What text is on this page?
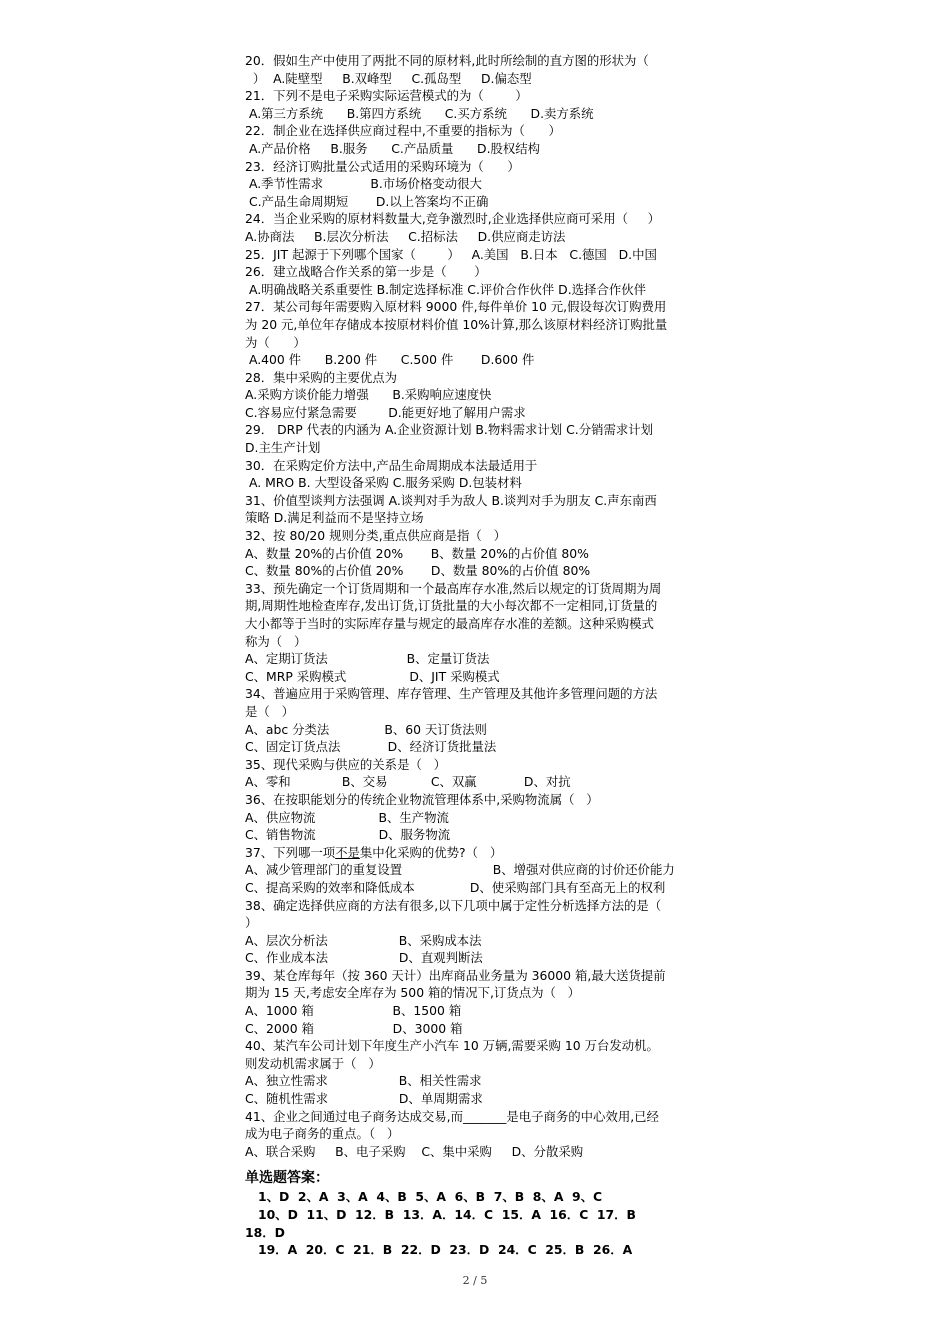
20．假如生产中使用了两批不同的原材料,此时所绘制的直方图的形状为（
）  A.陡壁型     B.双峰型     C.孤岛型     D.偏态型
21．下列不是电子采购实际运营模式的为（        ）
A.第三方系统      B.第四方系统      C.买方系统      D.卖方系统
22．制企业在选择供应商过程中,不重要的指标为（      ）
A.产品价格     B.服务      C.产品质量      D.股权结构
23．经济订购批量公式适用的采购环境为（      ）
A.季节性需求            B.市场价格变动很大
C.产品生命周期短       D.以上答案均不正确
24．当企业采购的原材料数量大,竞争激烈时,企业选择供应商可采用（     ）
A.协商法     B.层次分析法     C.招标法     D.供应商走访法
25．JIT 起源于下列哪个国家（        ）   A.美国   B.日本   C.德国   D.中国
26．建立战略合作关系的第一步是（       ）
A.明确战略关系重要性 B.制定选择标准 C.评价合作伙伴 D.选择合作伙伴
27．某公司每年需要购入原材料 9000 件,每件单价 10 元,假设每次订购费用
为 20 元,单位年存储成本按原材料价值 10%计算,那么该原材料经济订购批量
为（      ）
A.400 件      B.200 件      C.500 件       D.600 件
28．集中采购的主要优点为
A.采购方谈价能力增强      B.采购响应速度快
C.容易应付紧急需要        D.能更好地了解用户需求
29． DRP 代表的内涵为 A.企业资源计划 B.物料需求计划 C.分销需求计划
D.主生产计划
30．在采购定价方法中,产品生命周期成本法最适用于
A. MRO B. 大型设备采购 C.服务采购 D.包装材料
31、价值型谈判方法强调 A.谈判对手为敌人 B.谈判对手为朋友 C.声东南西
策略 D.满足利益而不是坚持立场
32、按 80/20 规则分类,重点供应商是指（   ）
A、数量 20%的占价值 20%       B、数量 20%的占价值 80%
C、数量 80%的占价值 20%       D、数量 80%的占价值 80%
33、预先确定一个订货周期和一个最高库存水准,然后以规定的订货周期为周
期,周期性地检查库存,发出订货,订货批量的大小每次都不一定相同,订货量的
大小都等于当时的实际库存量与规定的最高库存水准的差额。这种采购模式
称为（   ）
A、定期订货法                    B、定量订货法
C、MRP 采购模式                D、JIT 采购模式
34、普遍应用于采购管理、库存管理、生产管理及其他许多管理问题的方法
是（   ）
A、abc 分类法              B、60 天订货法则
C、固定订货点法            D、经济订货批量法
35、现代采购与供应的关系是（   ）
A、零和             B、交易           C、双赢            D、对抗
36、在按职能划分的传统企业物流管理体系中,采购物流属（   ）
A、供应物流                B、生产物流
C、销售物流                D、服务物流
37、下列哪一项不是集中化采购的优势?（   ）
A、减少管理部门的重复设置                       B、增强对供应商的讨价还价能力
C、提高采购的效率和降低成本              D、使采购部门具有至高无上的权利
38、确定选择供应商的方法有很多,以下几项中属于定性分析选择方法的是（
）
A、层次分析法                  B、采购成本法
C、作业成本法                  D、直观判断法
39、某仓库每年（按 360 天计）出库商品业务量为 36000 箱,最大送货提前
期为 15 天,考虑安全库存为 500 箱的情况下,订货点为（   ）
A、1000 箱                    B、1500 箱
C、2000 箱                    D、3000 箱
40、某汽车公司计划下年度生产小汽车 10 万辆,需要采购 10 万台发动机。
则发动机需求属于（   ）
A、独立性需求                  B、相关性需求
C、随机性需求                  D、单周期需求
41、企业之间通过电子商务达成交易,而_______是电子商务的中心效用,已经
成为电子商务的重点。（   ）
A、联合采购     B、电子采购    C、集中采购     D、分散采购
单选题答案：
1、D  2、A  3、A  4、B  5、A  6、B  7、B  8、A  9、C
10、D  11、D  12．B  13．A．14．C  15．A  16．C  17．B
18．D
19．A  20．C  21．B  22．D  23．D  24．C  25．B  26．A
2 / 5
